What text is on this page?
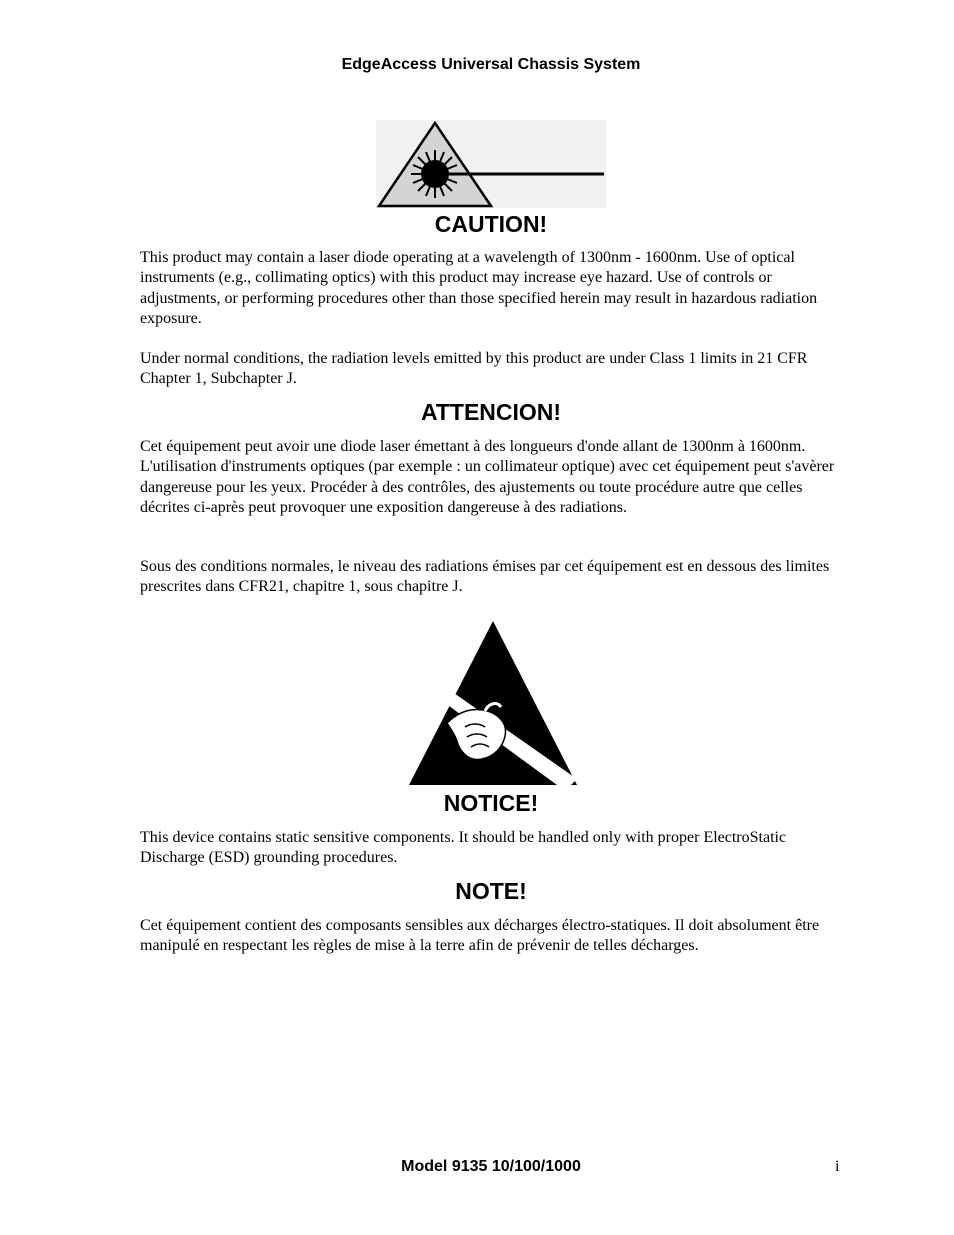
EdgeAccess Universal Chassis System
CAUTION!

This product may contain a laser diode operating at a wavelength of 1300nm - 1600nm. Use of optical instruments (e.g., collimating optics) with this product may increase eye hazard. Use of controls or adjustments, or performing procedures other than those specified herein may result in hazardous radiation exposure.

Under normal conditions, the radiation levels emitted by this product are under Class 1 limits in 21 CFR Chapter 1, Subchapter J.

ATTENCION!

Cet équipement peut avoir une diode laser émettant à des longueurs d'onde allant de 1300nm à 1600nm. L'utilisation d'instruments optiques (par exemple : un collimateur optique) avec cet équipement peut s'avèrer dangereuse pour les yeux. Procéder à des contrôles, des ajustements ou toute procédure autre que celles décrites ci-après peut provoquer une exposition dangereuse à des radiations.

Sous des conditions normales, le niveau des radiations émises par cet équipement est en dessous des limites prescrites dans CFR21, chapitre 1, sous chapitre J.

NOTICE!

This device contains static sensitive components. It should be handled only with proper ElectroStatic Discharge (ESD) grounding procedures.

NOTE!

Cet équipement contient des composants sensibles aux décharges électro-statiques. Il doit absolument être manipulé en respectant les règles de mise à la terre afin de prévenir de telles décharges.

Model 9135 10/100/1000	i
